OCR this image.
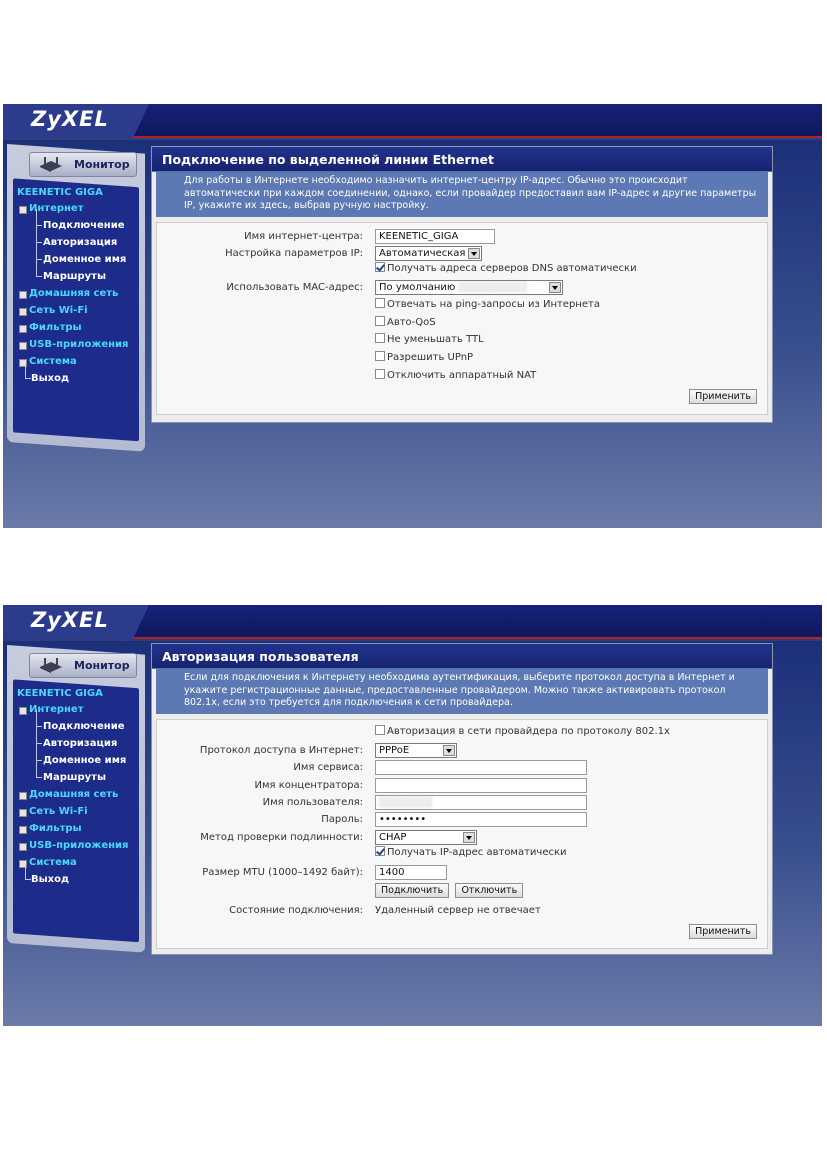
ZyXEL
Монитор
KEENETIC GIGA
Интернет
Подключение
Авторизация
Доменное имя
Маршруты
Домашняя сеть
Сеть Wi-Fi
Фильтры
USB-приложения
Система
Выход
Подключение по выделенной линии Ethernet
Для работы в Интернете необходимо назначить интернет-центру IP-адрес. Обычно это происходит автоматически при каждом соединении, однако, если провайдер предоставил вам IP-адрес и другие параметры IP, укажите их здесь, выбрав ручную настройку.
Имя интернет-центра:	KEENETIC_GIGA
Настройка параметров IP:	Автоматическая
Получать адреса серверов DNS автоматически
Использовать MAC-адрес:	По умолчанию ░░░░░░░░░
Отвечать на ping-запросы из Интернета
Авто-QoS
Не уменьшать TTL
Разрешить UPnP
Отключить аппаратный NAT
Применить
ZyXEL
Монитор
KEENETIC GIGA
Интернет
Подключение
Авторизация
Доменное имя
Маршруты
Домашняя сеть
Сеть Wi-Fi
Фильтры
USB-приложения
Система
Выход
Авторизация пользователя
Если для подключения к Интернету необходима аутентификация, выберите протокол доступа в Интернет и укажите регистрационные данные, предоставленные провайдером. Можно также активировать протокол 802.1x, если это требуется для подключения к сети провайдера.
Авторизация в сети провайдера по протоколу 802.1x
Протокол доступа в Интернет:	PPPoE
Имя сервиса:
Имя концентратора:
Имя пользователя:	░░░░░░░
Пароль:	••••••••
Метод проверки подлинности:	CHAP
Получать IP-адрес автоматически
Размер MTU (1000–1492 байт):	1400
Подключить Отключить
Состояние подключения: Удаленный сервер не отвечает
Применить
